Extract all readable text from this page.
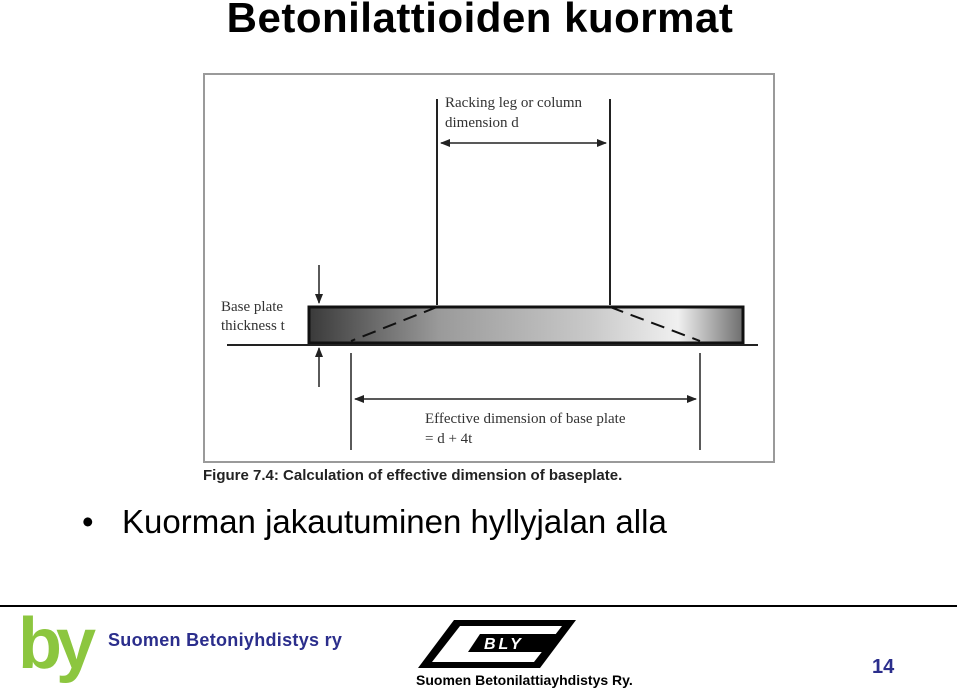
Betonilattioiden kuormat
Racking leg or column
dimension d
Base plate
thickness t
Effective dimension of base plate
= d + 4t
Figure 7.4: Calculation of effective dimension of baseplate.
• Kuorman jakautuminen hyllyjalan alla
by Suomen Betoniyhdistys ry	BLY
Suomen Betonilattiayhdistys Ry.
14
